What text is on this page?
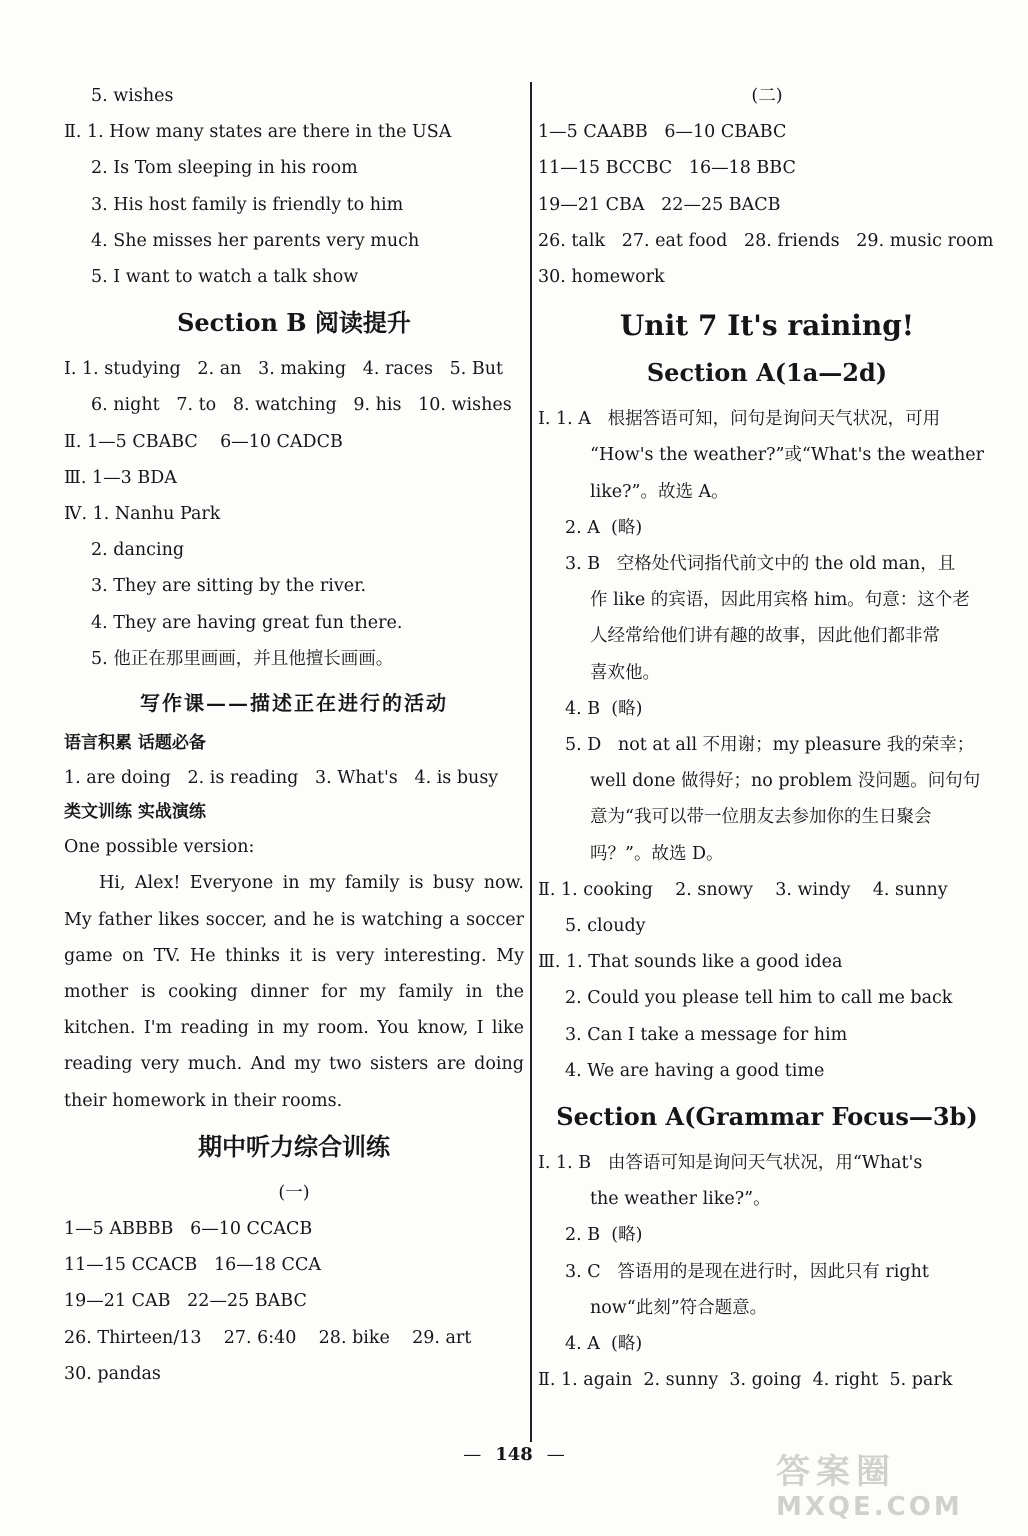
5. wishes
Ⅱ. 1. How many states are there in the USA
2. Is Tom sleeping in his room
3. His host family is friendly to him
4. She misses her parents very much
5. I want to watch a talk show
Section B 阅读提升
Ⅰ. 1. studying   2. an   3. making   4. races   5. But
6. night   7. to   8. watching   9. his   10. wishes
Ⅱ. 1—5 CBABC    6—10 CADCB
Ⅲ. 1—3 BDA
Ⅳ. 1. Nanhu Park
2. dancing
3. They are sitting by the river.
4. They are having great fun there.
5. 他正在那里画画，并且他擅长画画。
写作课——描述正在进行的活动
语言积累 话题必备
1. are doing   2. is reading   3. What's   4. is busy
类文训练 实战演练
One possible version:
Hi, Alex! Everyone in my family is busy now. My father likes soccer, and he is watching a soccer game on TV. He thinks it is very interesting. My mother is cooking dinner for my family in the kitchen. I'm reading in my room. You know, I like reading very much. And my two sisters are doing their homework in their rooms.
期中听力综合训练
(一)
1—5 ABBBB   6—10 CCACB
11—15 CCACB   16—18 CCA
19—21 CAB   22—25 BABC
26. Thirteen/13    27. 6:40    28. bike    29. art
30. pandas
(二)
1—5 CAABB   6—10 CBABC
11—15 BCCBC   16—18 BBC
19—21 CBA   22—25 BACB
26. talk   27. eat food   28. friends   29. music room
30. homework
Unit 7 It's raining!
Section A(1a—2d)
Ⅰ. 1. A   根据答语可知，问句是询问天气状况，可用
“How's the weather?”或“What's the weather
like?”。故选 A。
2. A  (略)
3. B   空格处代词指代前文中的 the old man，且
作 like 的宾语，因此用宾格 him。句意：这个老
人经常给他们讲有趣的故事，因此他们都非常
喜欢他。
4. B  (略)
5. D   not at all 不用谢；my pleasure 我的荣幸；
well done 做得好；no problem 没问题。问句句
意为“我可以带一位朋友去参加你的生日聚会
吗？”。故选 D。
Ⅱ. 1. cooking    2. snowy    3. windy    4. sunny
5. cloudy
Ⅲ. 1. That sounds like a good idea
2. Could you please tell him to call me back
3. Can I take a message for him
4. We are having a good time
Section A(Grammar Focus—3b)
Ⅰ. 1. B   由答语可知是询问天气状况，用“What's
the weather like?”。
2. B  (略)
3. C   答语用的是现在进行时，因此只有 right
now“此刻”符合题意。
4. A  (略)
Ⅱ. 1. again  2. sunny  3. going  4. right  5. park
— 148 —	答案圈
MXQE.COM
